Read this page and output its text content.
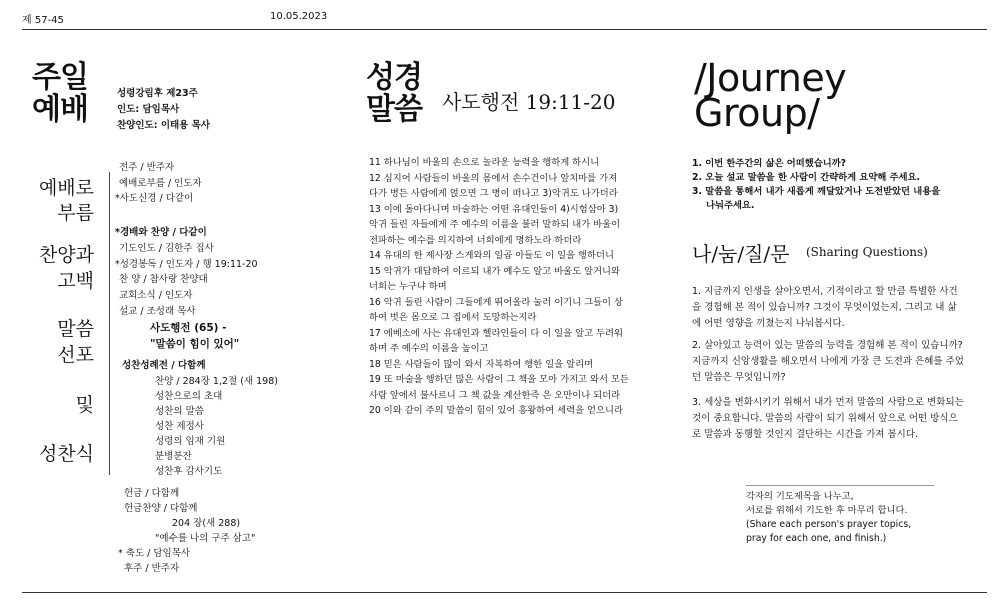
제 57-45	10.05.2023
주일
예배	성령강림후 제23주
인도: 담임목사
찬양인도: 이태용 목사
예배로
부름
찬양과
고백
말씀
선포
및
성찬식
전주 / 반주자
예배로부름 / 인도자
*사도신경 / 다같이
*경배와 찬양 / 다같이
기도인도 / 김한주 집사
*성경봉독 / 인도자 / 행 19:11-20
찬 양 / 참사랑 찬양대
교회소식 / 인도자
설교 / 조성래 목사
사도행전 (65) -
"말씀이 힘이 있어"
성찬성례전 / 다함께
찬양 / 284장 1,2절 (새 198)
성찬으로의 초대
성찬의 말씀
성찬 제정사
성령의 임재 기원
분병분잔
성찬후 감사기도
헌금 / 다함께
헌금찬양 / 다함께
204 장(새 288)
"예수를 나의 구주 삼고"
* 축도 / 담임목사
후주 / 반주자
성경
말씀 사도행전 19:11-20
11 하나님이 바울의 손으로 놀라운 능력을 행하게 하시니
12 심지어 사람들이 바울의 몸에서 손수건이나 앞치마를 가져
다가 병든 사람에게 얹으면 그 병이 떠나고 3)악귀도 나가더라
13 이에 돌아다니며 마술하는 어떤 유대인들이 4)시험삼아 3)
악귀 들린 자들에게 주 예수의 이름을 불러 말하되 내가 바울이
전파하는 예수를 의지하여 너희에게 명하노라 하더라
14 유대의 한 제사장 스게와의 일곱 아들도 이 일을 행하더니
15 악귀가 대답하여 이르되 내가 예수도 알고 바울도 알거니와
너희는 누구냐 하며
16 악귀 들린 사람이 그들에게 뛰어올라 눌러 이기니 그들이 상
하여 벗은 몸으로 그 집에서 도망하는지라
17 에베소에 사는 유대인과 헬라인들이 다 이 일을 알고 두려워
하며 주 예수의 이름을 높이고
18 믿은 사람들이 많이 와서 자복하여 행한 일을 알리며
19 또 마술을 행하던 많은 사람이 그 책을 모아 가지고 와서 모든
사람 앞에서 불사르니 그 책 값을 계산한즉 은 오만이나 되더라
20 이와 같이 주의 말씀이 힘이 있어 흥왕하여 세력을 얻으니라
/Journey
Group/
1. 이번 한주간의 삶은 어떠했습니까?
2. 오늘 설교 말씀을 한 사람이 간략하게 요약해 주세요.
3. 말씀을 통해서 내가 새롭게 깨달았거나 도전받았던 내용을
나눠주세요.
나/눔/질/문 (Sharing Questions)
1. 지금까지 인생을 살아오면서, 기적이라고 할 만큼 특별한 사건을 경험해 본 적이 있습니까? 그것이 무엇이었는지, 그리고 내 삶에 어떤 영향을 끼쳤는지 나눠봅시다.
2. 살아있고 능력이 있는 말씀의 능력을 경험해 본 적이 있습니까? 지금까지 신앙생활을 해오면서 나에게 가장 큰 도전과 은혜를 주었던 말씀은 무엇입니까?
3. 세상을 변화시키기 위해서 내가 먼저 말씀의 사람으로 변화되는 것이 중요합니다. 말씀의 사람이 되기 위해서 앞으로 어떤 방식으로 말씀과 동행할 것인지 결단하는 시간을 가져 봅시다.
각자의 기도제목을 나누고,
서로를 위해서 기도한 후 마무리 합니다.
(Share each person's prayer topics,
pray for each one, and finish.)
